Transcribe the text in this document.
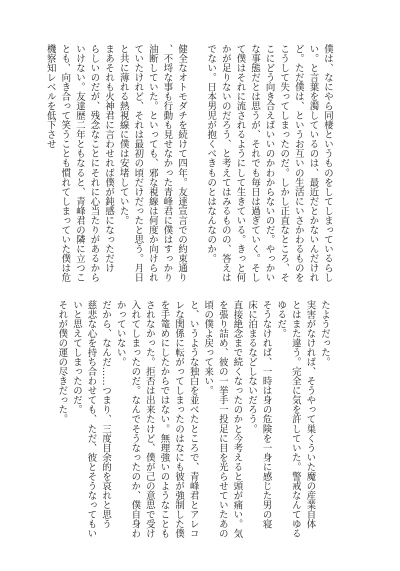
僕は、なにやら同棲というものをしてしまっているらし

い。と言葉を濁しているのは、最近だとかないんだけれ

ど。ただ僕は、というお互いの生活にいさかわるものを

こうして失ってしまったのだ。しかし正直なところ、そ

こにどう向き合えばいいのかわからないのだ。やっかい

な事態だとは思うが、それでも毎日は過ぎていく。そし

て僕はそれに流されるようにして生きている。きっと何

かが足りないのだろう、と考えてはみるものの、答えは

でない。日本男児が抱くべきものとはなんなのか。

健全なオトモダチを続けて四年。友達宣言での約束通り

、不埒な事も行動も見せなかった青峰君に僕はすっかり

油断していた。といっても、邪な視線は何度か向けられ

ていたけれど、それは最初の頃だけだったと思う。月日

と共に薄れる熱視線に僕は安堵していた。

まあそれも火神君に言わせれば僕が鈍感になっただけ

らしいのだが、残念なことにそれに心当たりがあるから

いけない。友達歴二年ともなると、青峰君の隣に立つこ

とも、向き合って笑うことも慣れてしまっていた僕は危

機察知レベルを低下させ

たようだった。

実害がなければ、そうやって巣くういた魔の産業自体

とはまた違う。完全に気を許していた。警戒なんてゆる

ゆるだ。

そうなければ、一時は身の危険を一身に感じた男の寝

床に泊まるなどしないだろう。

直接絶念まで続くなったのかと今考えると頭が痛い。気

を張り詰め、彼の一挙手一投足に目を光らせていたあの

頃の僕よ戻って来い。

と、いうような独白を並べたところで、青峰君とアレコ

レな関係に転がってしまったのはなにも彼が強制した僕

を手篭めにしたからではない。無理強いのようなことも

されなかった。拒否は出来たけど、僕が己の意思で受け

入れてしまったのだ。なんでそうなったのか、僕自身わ

かっていない。

だから、なんだ……つまり、三度目余的を哀れと思う

慈悲な心を持ち合わせても、ただ、彼とそうなってもい

いと思えてしまったのだ。

それが僕の運の尽きだった。
